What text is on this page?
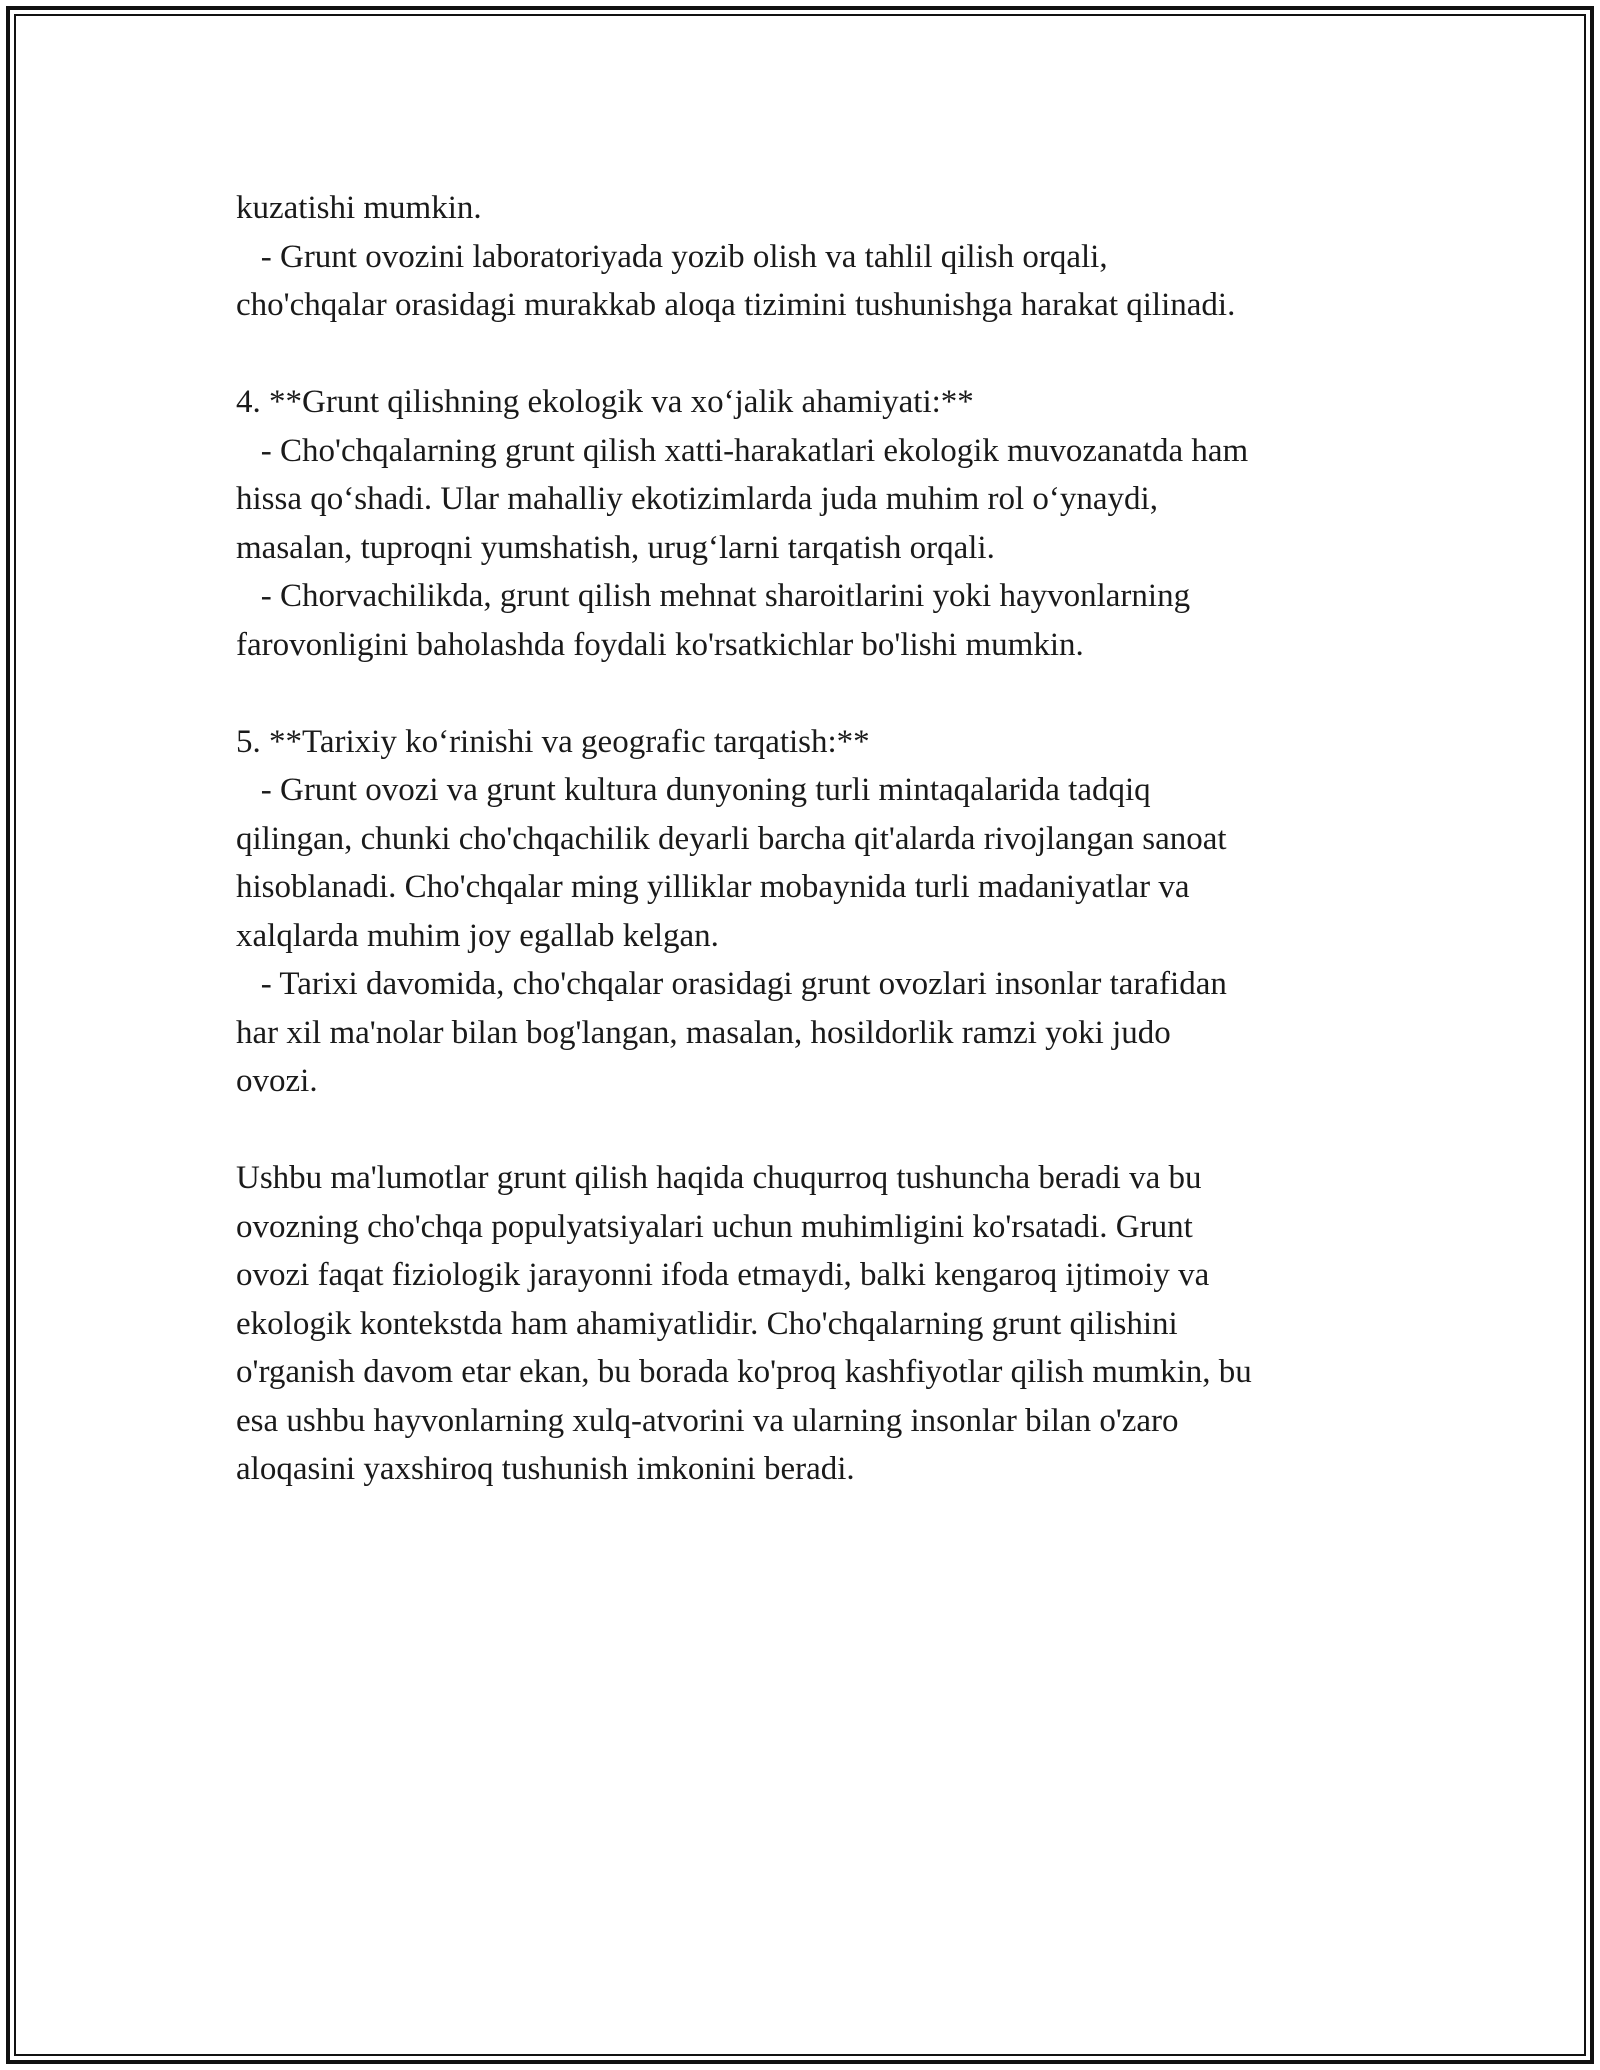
kuzatishi mumkin.
- Grunt ovozini laboratoriyada yozib olish va tahlil qilish orqali,
cho'chqalar orasidagi murakkab aloqa tizimini tushunishga harakat qilinadi.
4. **Grunt qilishning ekologik va xo‘jalik ahamiyati:**
- Cho'chqalarning grunt qilish xatti-harakatlari ekologik muvozanatda ham
hissa qo‘shadi. Ular mahalliy ekotizimlarda juda muhim rol o‘ynaydi,
masalan, tuproqni yumshatish, urug‘larni tarqatish orqali.
- Chorvachilikda, grunt qilish mehnat sharoitlarini yoki hayvonlarning
farovonligini baholashda foydali ko'rsatkichlar bo'lishi mumkin.
5. **Tarixiy ko‘rinishi va geografic tarqatish:**
- Grunt ovozi va grunt kultura dunyoning turli mintaqalarida tadqiq
qilingan, chunki cho'chqachilik deyarli barcha qit'alarda rivojlangan sanoat
hisoblanadi. Cho'chqalar ming yilliklar mobaynida turli madaniyatlar va
xalqlarda muhim joy egallab kelgan.
- Tarixi davomida, cho'chqalar orasidagi grunt ovozlari insonlar tarafidan
har xil ma'nolar bilan bog'langan, masalan, hosildorlik ramzi yoki judo
ovozi.
Ushbu ma'lumotlar grunt qilish haqida chuqurroq tushuncha beradi va bu
ovozning cho'chqa populyatsiyalari uchun muhimligini ko'rsatadi. Grunt
ovozi faqat fiziologik jarayonni ifoda etmaydi, balki kengaroq ijtimoiy va
ekologik kontekstda ham ahamiyatlidir. Cho'chqalarning grunt qilishini
o'rganish davom etar ekan, bu borada ko'proq kashfiyotlar qilish mumkin, bu
esa ushbu hayvonlarning xulq-atvorini va ularning insonlar bilan o'zaro
aloqasini yaxshiroq tushunish imkonini beradi.
